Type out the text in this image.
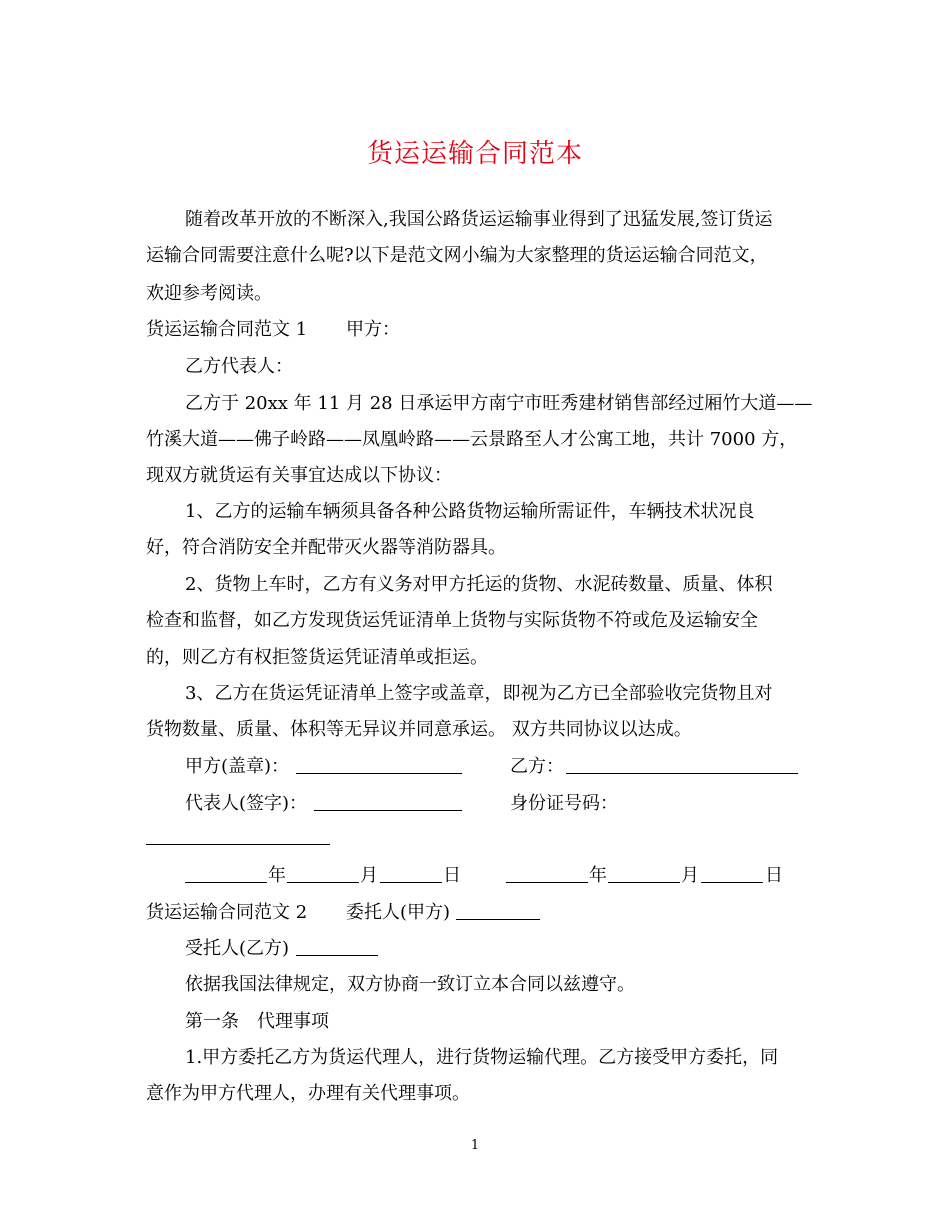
货运运输合同范本
随着改革开放的不断深入,我国公路货运运输事业得到了迅猛发展,签订货运
运输合同需要注意什么呢?以下是范文网小编为大家整理的货运运输合同范文，
欢迎参考阅读。
货运运输合同范文 1 甲方：
乙方代表人：
乙方于 20xx 年 11 月 28 日承运甲方南宁市旺秀建材销售部经过厢竹大道——
竹溪大道——佛子岭路——凤凰岭路——云景路至人才公寓工地，共计 7000 方，
现双方就货运有关事宜达成以下协议：
1、乙方的运输车辆须具备各种公路货物运输所需证件，车辆技术状况良
好，符合消防安全并配带灭火器等消防器具。
2、货物上车时，乙方有义务对甲方托运的货物、水泥砖数量、质量、体积
检查和监督，如乙方发现货运凭证清单上货物与实际货物不符或危及运输安全
的，则乙方有权拒签货运凭证清单或拒运。
3、乙方在货运凭证清单上签字或盖章，即视为乙方已全部验收完货物且对
货物数量、质量、体积等无异议并同意承运。 双方共同协议以达成。
甲方(盖章)：	乙方：
代表人(签字)：	身份证号码：
年	月	日	年	月	日
货运运输合同范文 2 委托人(甲方)
受托人(乙方)
依据我国法律规定，双方协商一致订立本合同以兹遵守。
第一条　代理事项
1.甲方委托乙方为货运代理人，进行货物运输代理。乙方接受甲方委托，同
意作为甲方代理人，办理有关代理事项。
1
